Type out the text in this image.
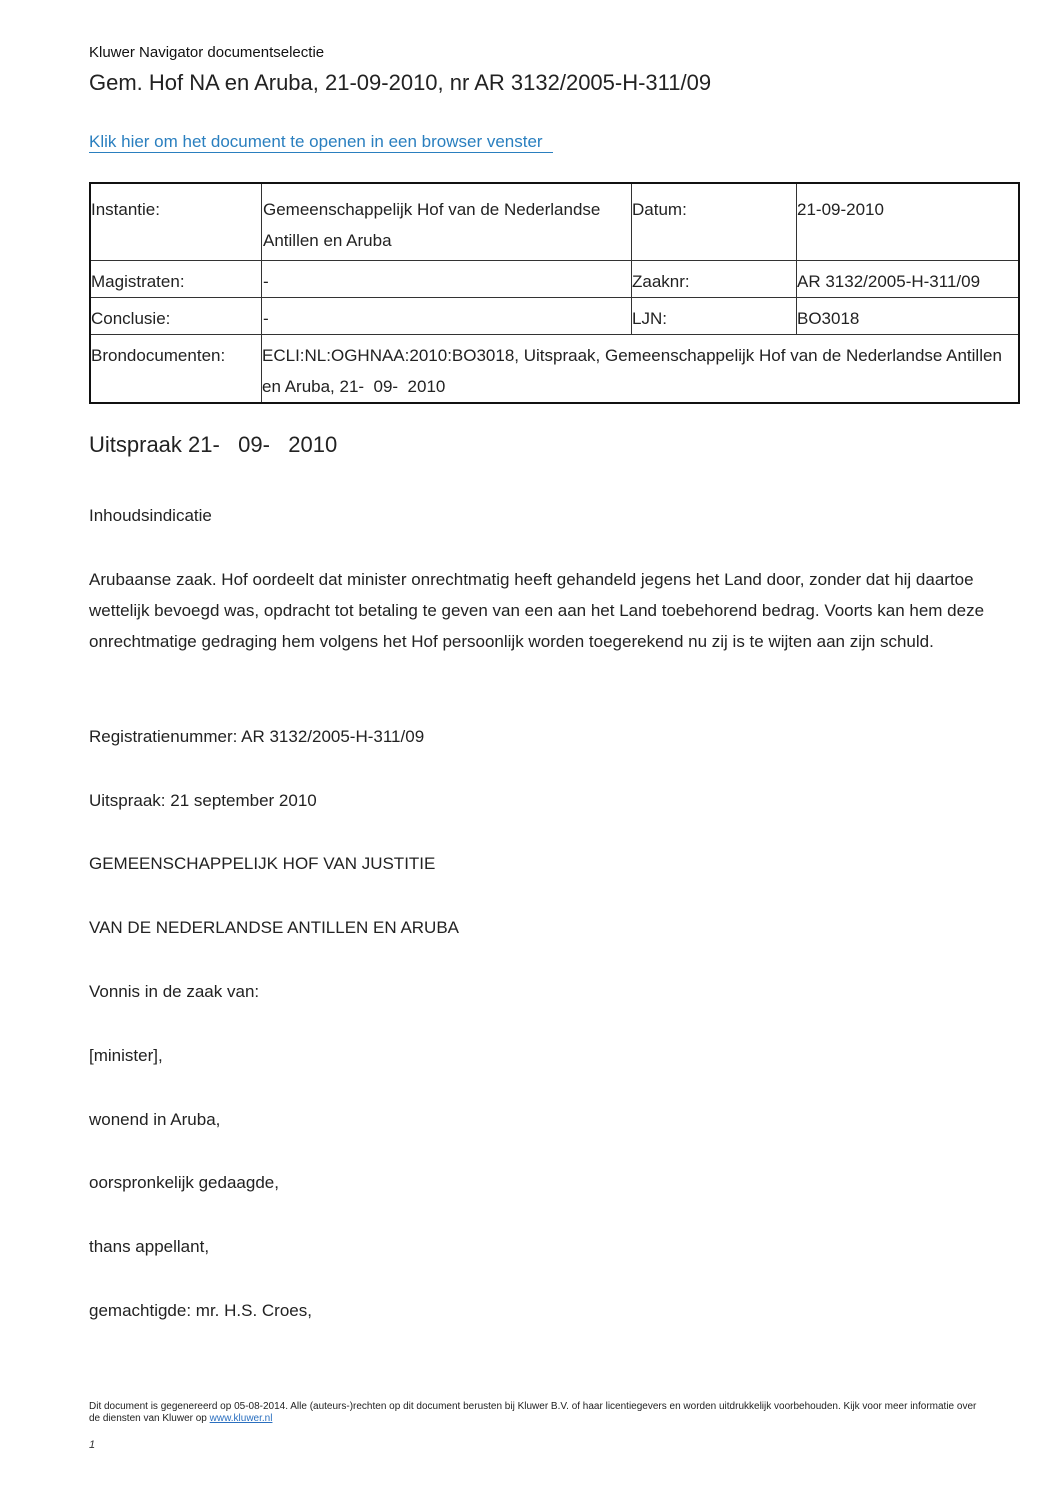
Kluwer Navigator documentselectie
Gem. Hof NA en Aruba, 21-09-2010, nr AR 3132/2005-H-311/09
Klik hier om het document te openen in een browser venster
Instantie:	Gemeenschappelijk Hof van de Nederlandse Antillen en Aruba	Datum:	21-09-2010
Magistraten:	-	Zaaknr:	AR 3132/2005-H-311/09
Conclusie:	-	LJN:	BO3018
Brondocumenten:	ECLI:NL:OGHNAA:2010:BO3018, Uitspraak, Gemeenschappelijk Hof van de Nederlandse Antillen en Aruba, 21-  09-  2010		
Uitspraak 21-   09-   2010

Inhoudsindicatie

Arubaanse zaak. Hof oordeelt dat minister onrechtmatig heeft gehandeld jegens het Land door, zonder dat hij daartoe wettelijk bevoegd was, opdracht tot betaling te geven van een aan het Land toebehorend bedrag. Voorts kan hem deze onrechtmatige gedraging hem volgens het Hof persoonlijk worden toegerekend nu zij is te wijten aan zijn schuld.

Registratienummer: AR 3132/2005-H-311/09

Uitspraak: 21 september 2010

GEMEENSCHAPPELIJK HOF VAN JUSTITIE

VAN DE NEDERLANDSE ANTILLEN EN ARUBA

Vonnis in de zaak van:

[minister],

wonend in Aruba,

oorspronkelijk gedaagde,

thans appellant,

gemachtigde: mr. H.S. Croes,

Dit document is gegenereerd op 05-08-2014. Alle (auteurs-)rechten op dit document berusten bij Kluwer B.V. of haar licentiegevers en worden uitdrukkelijk voorbehouden. Kijk voor meer informatie over de diensten van Kluwer op www.kluwer.nl
1
